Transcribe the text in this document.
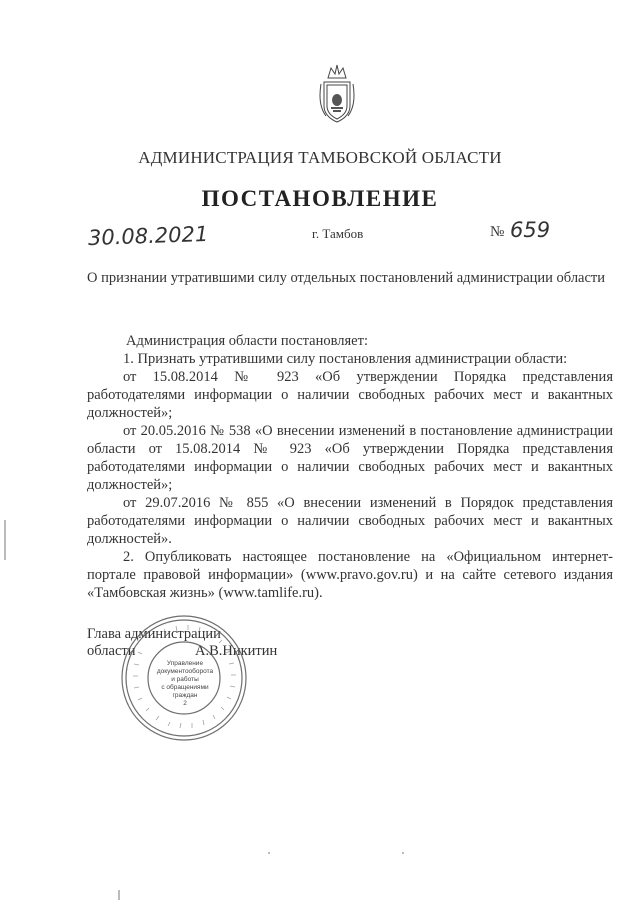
АДМИНИСТРАЦИЯ ТАМБОВСКОЙ ОБЛАСТИ
ПОСТАНОВЛЕНИЕ
30.08.2021	г. Тамбов	№ 659
О признании утратившими силу отдельных постановлений администрации области

Администрация области постановляет:

1. Признать утратившими силу постановления администрации области:

от 15.08.2014 № 923 «Об утверждении Порядка представления работодателями информации о наличии свободных рабочих мест и вакантных должностей»;

от 20.05.2016 № 538 «О внесении изменений в постановление администрации области от 15.08.2014 № 923 «Об утверждении Порядка представления работодателями информации о наличии свободных рабочих мест и вакантных должностей»;

от 29.07.2016 № 855 «О внесении изменений в Порядок представления работодателями информации о наличии свободных рабочих мест и вакантных должностей».

2. Опубликовать настоящее постановление на «Официальном интернет-портале правовой информации» (www.pravo.gov.ru) и на сайте сетевого издания «Тамбовская жизнь» (www.tamlife.ru).

Глава администрации
области	А.В.Никитин
Управление
документооборота
и работы
с обращениями
граждан
2
